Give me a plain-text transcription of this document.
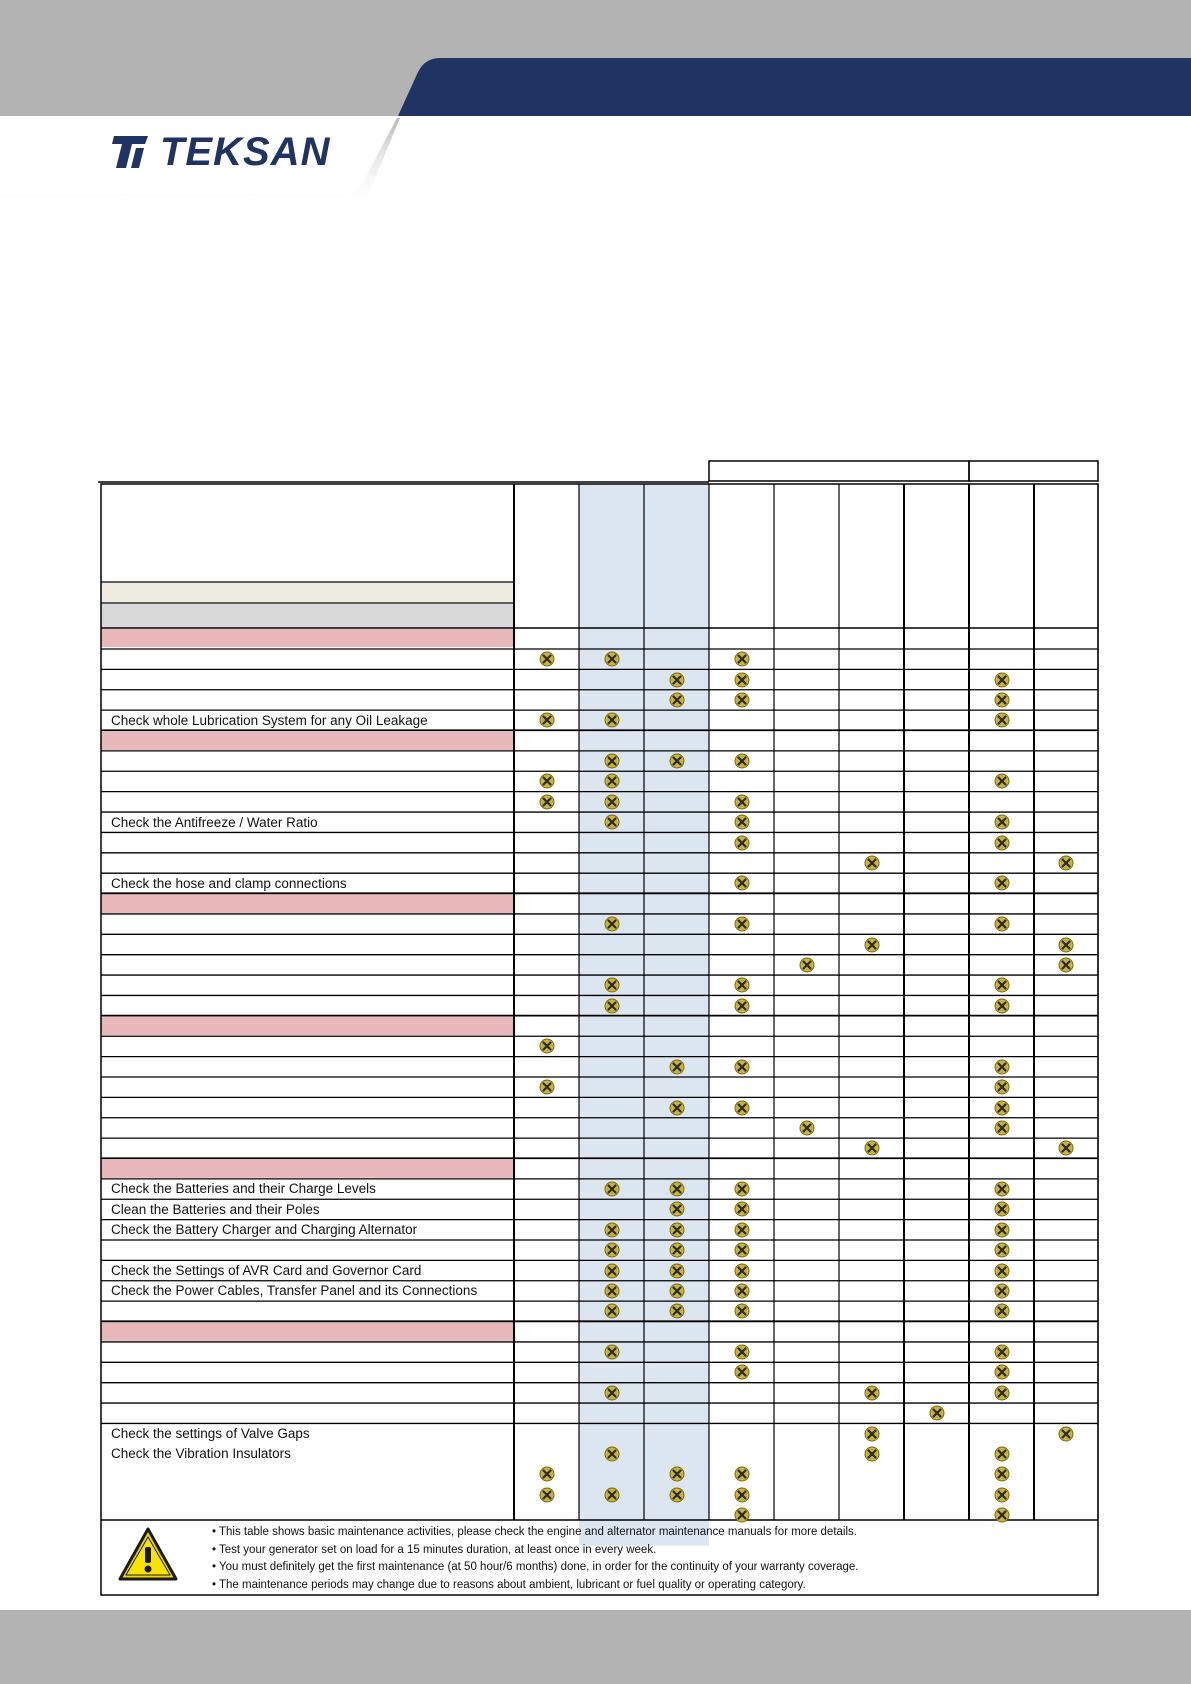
TEKSAN
Check whole Lubrication System for any Oil Leakage
Check the Antifreeze / Water Ratio
Check the hose and clamp connections
Check the Batteries and their Charge Levels
Clean the Batteries and their Poles
Check the Battery Charger and Charging Alternator
Check the Settings of AVR Card and Governor Card
Check the Power Cables, Transfer Panel and its Connections
Check the settings of Valve Gaps
Check the Vibration Insulators
• This table shows basic maintenance activities, please check the engine and alternator maintenance manuals for more details.
• Test your generator set on load for a 15 minutes duration, at least once in every week.
• You must definitely get the first maintenance (at 50 hour/6 months) done, in order for the continuity of your warranty coverage.
• The maintenance periods may change due to reasons about ambient, lubricant or fuel quality or operating category.
